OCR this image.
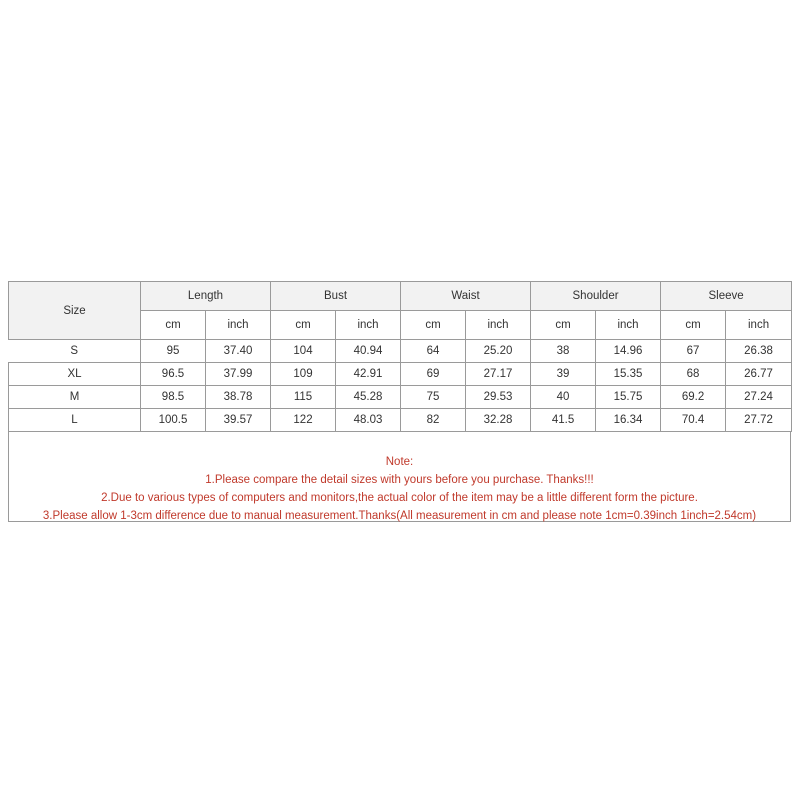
Size	Length		Bust		Waist		Shoulder		Sleeve	
	cm	inch	cm	inch	cm	inch	cm	inch	cm	inch
S	95	37.40	104	40.94	64	25.20	38	14.96	67	26.38
XL	96.5	37.99	109	42.91	69	27.17	39	15.35	68	26.77
M	98.5	38.78	115	45.28	75	29.53	40	15.75	69.2	27.24
L	100.5	39.57	122	48.03	82	32.28	41.5	16.34	70.4	27.72
Note:
1.Please compare the detail sizes with yours before you purchase. Thanks!!!
2.Due to various types of computers and monitors,the actual color of the item may be a little different form the picture.
3.Please allow 1-3cm difference due to manual measurement.Thanks(All measurement in cm and please note 1cm=0.39inch 1inch=2.54cm)
